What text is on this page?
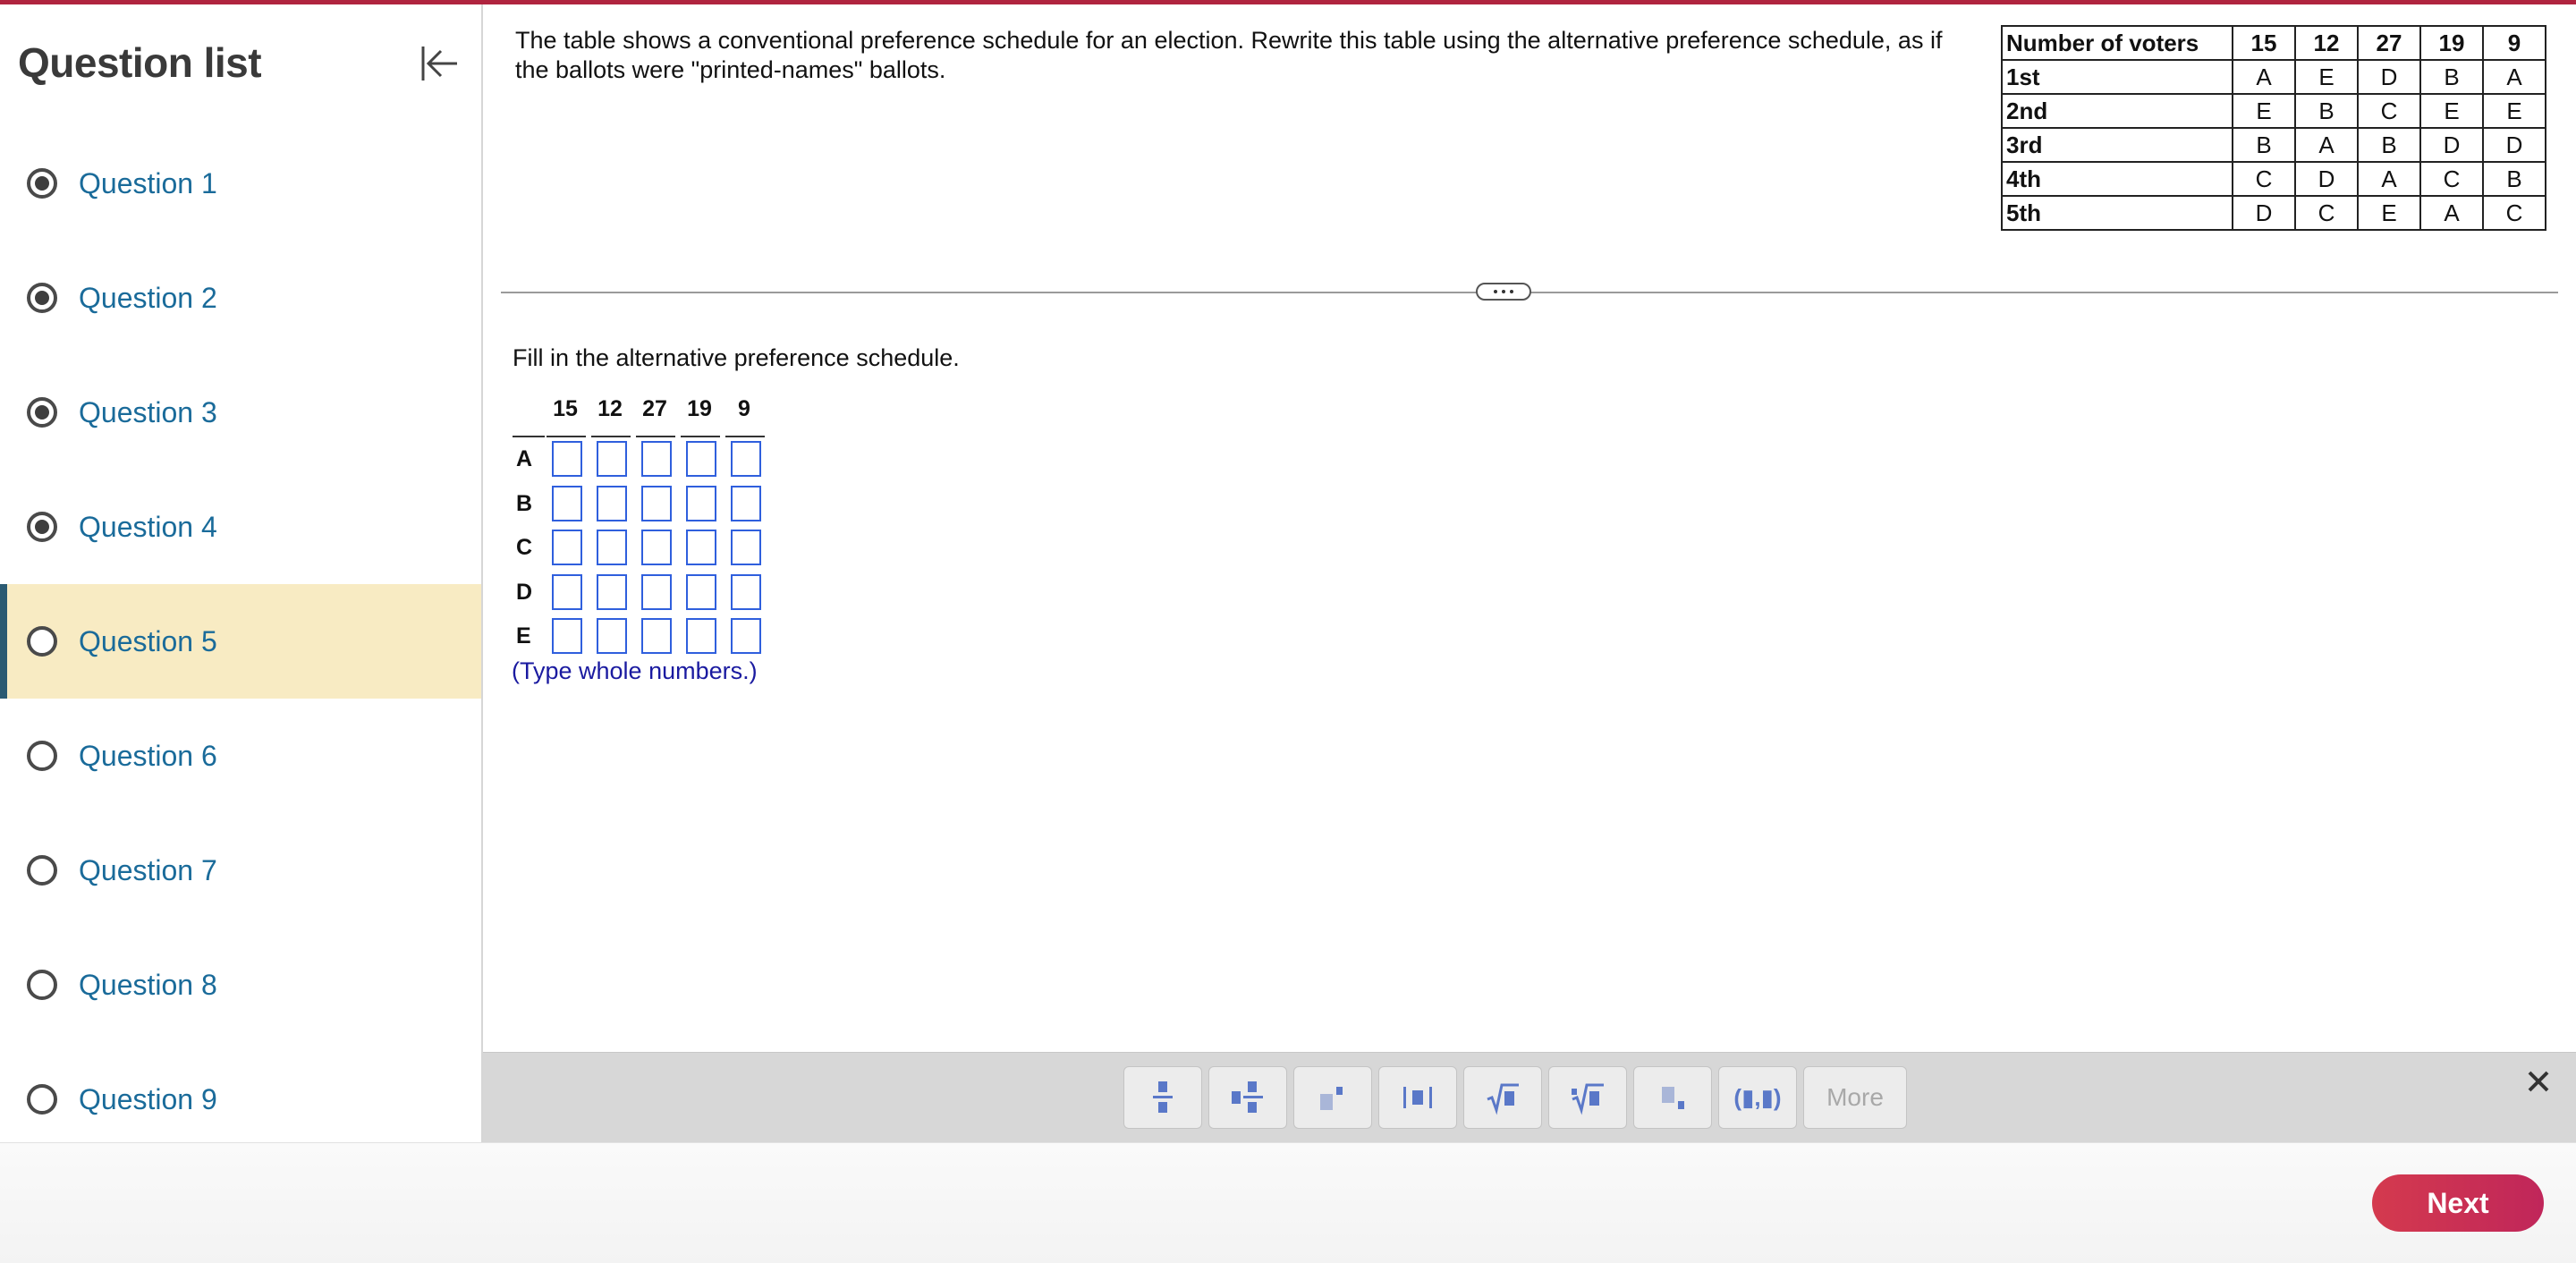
Question list
Question 1
Question 2
Question 3
Question 4
Question 5
Question 6
Question 7
Question 8
Question 9
The table shows a conventional preference schedule for an election. Rewrite this table using the alternative preference schedule, as if the ballots were "printed-names" ballots.
Number of voters	15	12	27	19	9
1st	A	E	D	B	A
2nd	E	B	C	E	E
3rd	B	A	B	D	D
4th	C	D	A	C	B
5th	D	C	E	A	C
Fill in the alternative preference schedule.
15 12 27 19	9
A
B
C
D
E
(Type whole numbers.)
(▮,▮)	More
Next
